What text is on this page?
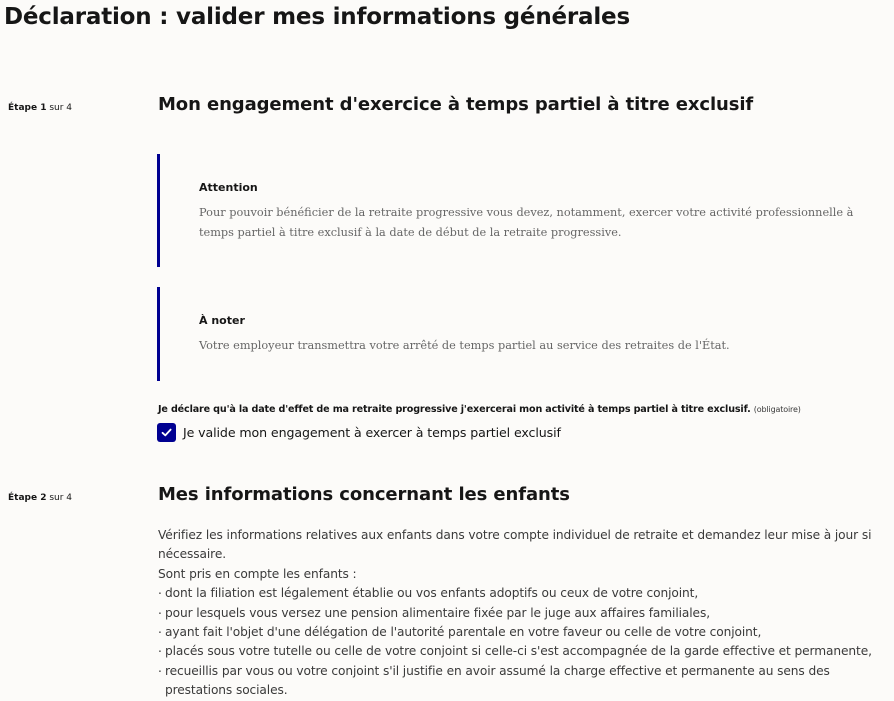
Déclaration : valider mes informations générales
Étape 1 sur 4	Mon engagement d'exercice à temps partiel à titre exclusif
Attention
Pour pouvoir bénéficier de la retraite progressive vous devez, notamment, exercer votre activité professionnelle à temps partiel à titre exclusif à la date de début de la retraite progressive.
À noter
Votre employeur transmettra votre arrêté de temps partiel au service des retraites de l'État.
Je déclare qu'à la date d'effet de ma retraite progressive j'exercerai mon activité à temps partiel à titre exclusif. (obligatoire)
Je valide mon engagement à exercer à temps partiel exclusif
Étape 2 sur 4	Mes informations concernant les enfants

Vérifiez les informations relatives aux enfants dans votre compte individuel de retraite et demandez leur mise à jour si nécessaire.

Sont pris en compte les enfants :

. dont la filiation est légalement établie ou vos enfants adoptifs ou ceux de votre conjoint,
. pour lesquels vous versez une pension alimentaire fixée par le juge aux affaires familiales,
. ayant fait l'objet d'une délégation de l'autorité parentale en votre faveur ou celle de votre conjoint,
. placés sous votre tutelle ou celle de votre conjoint si celle-ci s'est accompagnée de la garde effective et permanente,
. recueillis par vous ou votre conjoint s'il justifie en avoir assumé la charge effective et permanente au sens des prestations sociales.
